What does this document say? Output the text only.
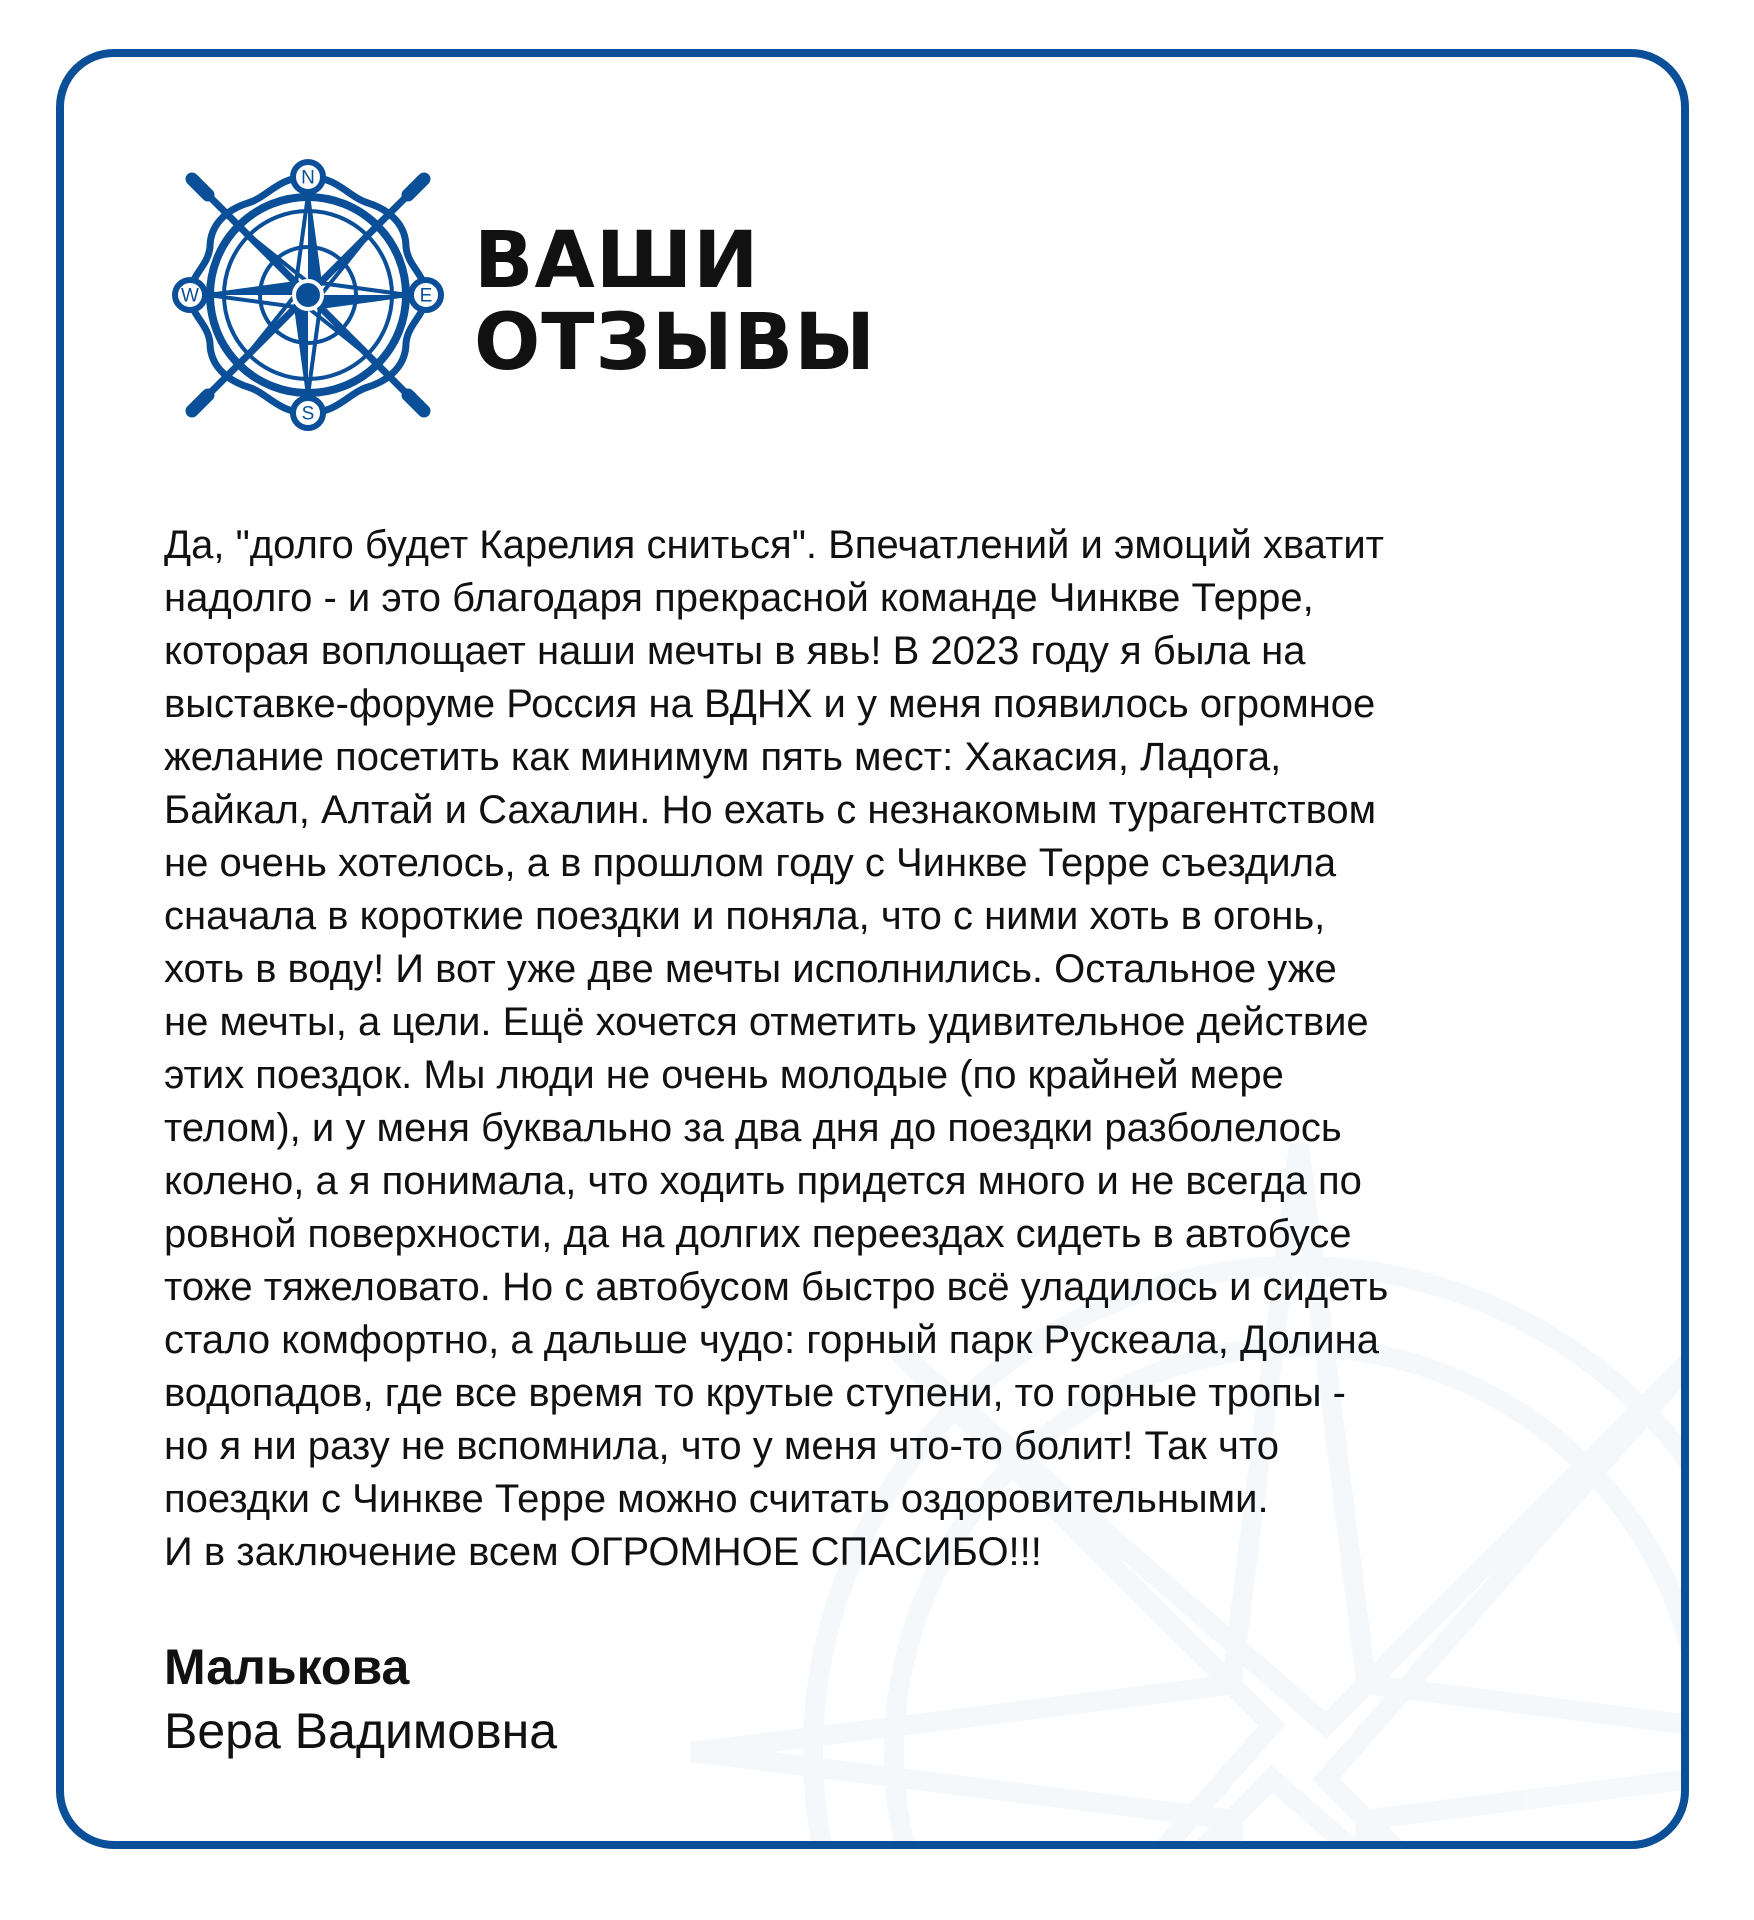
N
S
W	E ВАШИ
ОТЗЫВЫ

Да, "долго будет Карелия сниться". Впечатлений и эмоций хватит
надолго - и это благодаря прекрасной команде Чинкве Терре,
которая воплощает наши мечты в явь! В 2023 году я была на
выставке-форуме Россия на ВДНХ и у меня появилось огромное
желание посетить как минимум пять мест: Хакасия, Ладога,
Байкал, Алтай и Сахалин. Но ехать с незнакомым турагентством
не очень хотелось, а в прошлом году с Чинкве Терре съездила
сначала в короткие поездки и поняла, что с ними хоть в огонь,
хоть в воду! И вот уже две мечты исполнились. Остальное уже
не мечты, а цели. Ещё хочется отметить удивительное действие
этих поездок. Мы люди не очень молодые (по крайней мере
телом), и у меня буквально за два дня до поездки разболелось
колено, а я понимала, что ходить придется много и не всегда по
ровной поверхности, да на долгих переездах сидеть в автобусе
тоже тяжеловато. Но с автобусом быстро всё уладилось и сидеть
стало комфортно, а дальше чудо: горный парк Рускеала, Долина
водопадов, где все время то крутые ступени, то горные тропы -
но я ни разу не вспомнила, что у меня что-то болит! Так что
поездки с Чинкве Терре можно считать оздоровительными.
И в заключение всем ОГРОМНОЕ СПАСИБО!!!

Малькова
Вера Вадимовна
